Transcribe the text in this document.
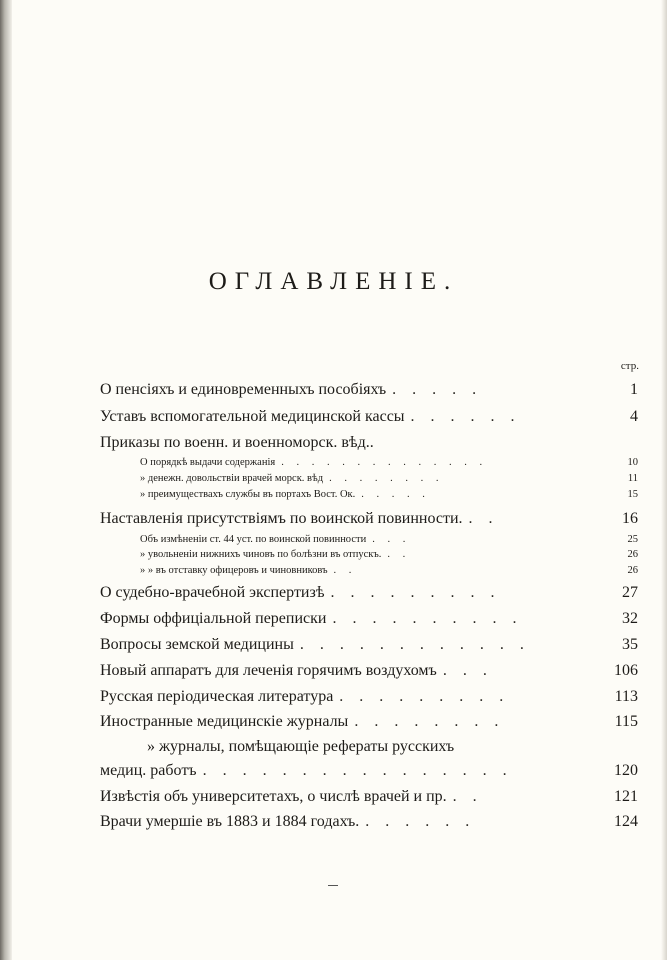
ОГЛАВЛЕНІЕ.
стр.
О пенсіяхъ и единовременныхъ пособіяхъ . . . . .	1
Уставъ вспомогательной медицинской кассы . . . . . .	4
Приказы по военн. и военноморск. вѣд..
О порядкѣ выдачи содержанія . . . . . . . . . . . . . .	10
» денежн. довольствіи врачей морск. вѣд . . . . . . . .	11
» преимуществахъ службы въ портахъ Вост. Ок. . . . . .	15
Наставленія присутствіямъ по воинской повинности. . .	16
Объ измѣненіи ст. 44 уст. по воинской повинности . . .	25
» увольненіи нижнихъ чиновъ по болѣзни въ отпускъ. . .	26
» » въ отставку офицеровъ и чиновниковъ . .	26
О судебно-врачебной экспертизѣ . . . . . . . . .	27
Формы оффиціальной переписки . . . . . . . . . .	32
Вопросы земской медицины . . . . . . . . . . . .	35
Новый аппаратъ для леченія горячимъ воздухомъ . . .	106
Русская періодическая литература . . . . . . . . .	113
Иностранные медицинскіе журналы . . . . . . . .	115
» журналы, помѣщающіе рефераты русскихъ
медиц. работъ . . . . . . . . . . . . . . . .	120
Извѣстія объ университетахъ, о числѣ врачей и пр. . .	121
Врачи умершіе въ 1883 и 1884 годахъ. . . . . . .	124
